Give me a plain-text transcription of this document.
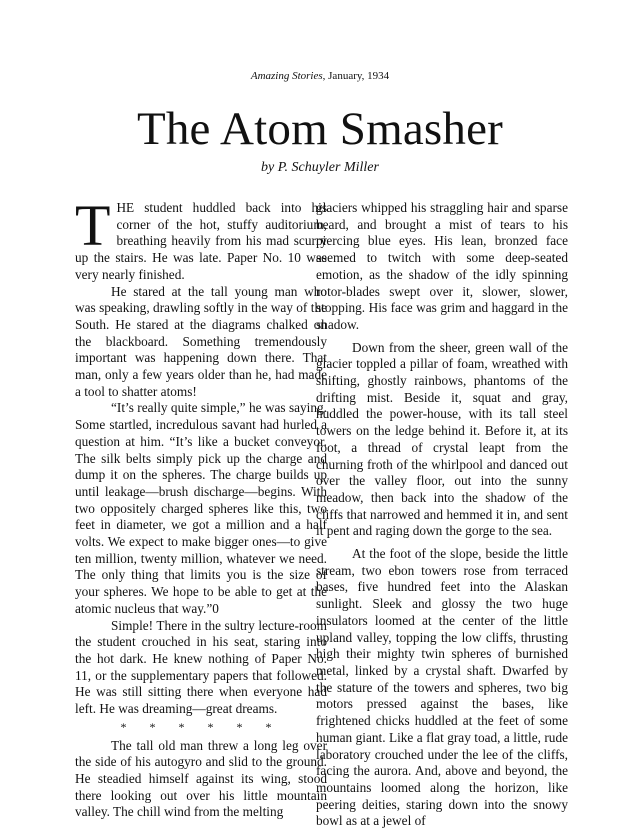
Amazing Stories, January, 1934
The Atom Smasher
by P. Schuyler Miller

THE student huddled back into his corner of the hot, stuffy auditorium, breathing heavily from his mad scurry up the stairs. He was late. Paper No. 10 was very nearly finished.

He stared at the tall young man who was speaking, drawling softly in the way of the South. He stared at the diagrams chalked on the blackboard. Something tremendously important was happening down there. That man, only a few years older than he, had made a tool to shatter atoms!

“It’s really quite simple,” he was saying. Some startled, incredulous savant had hurled a question at him. “It’s like a bucket conveyor. The silk belts simply pick up the charge and dump it on the spheres. The charge builds up until leakage—brush discharge—begins. With two oppositely charged spheres like this, two feet in diameter, we got a million and a half volts. We expect to make bigger ones—to give ten million, twenty million, whatever we need. The only thing that limits you is the size of your spheres. We hope to be able to get at the atomic nucleus that way.”0

Simple! There in the sultry lecture-room the student crouched in his seat, staring into the hot dark. He knew nothing of Paper No. 11, or the supplementary papers that followed. He was still sitting there when everyone had left. He was dreaming—great dreams.

* * * * * *

The tall old man threw a long leg over the side of his autogyro and slid to the ground. He steadied himself against its wing, stood there looking out over his little mountain valley. The chill wind from the melting

glaciers whipped his straggling hair and sparse beard, and brought a mist of tears to his piercing blue eyes. His lean, bronzed face seemed to twitch with some deep-seated emotion, as the shadow of the idly spinning rotor-blades swept over it, slower, slower, stopping. His face was grim and haggard in the shadow.

Down from the sheer, green wall of the glacier toppled a pillar of foam, wreathed with shifting, ghostly rainbows, phantoms of the drifting mist. Beside it, squat and gray, huddled the power-house, with its tall steel towers on the ledge behind it. Before it, at its foot, a thread of crystal leapt from the churning froth of the whirlpool and danced out over the valley floor, out into the sunny meadow, then back into the shadow of the cliffs that narrowed and hemmed it in, and sent it pent and raging down the gorge to the sea.

At the foot of the slope, beside the little stream, two ebon towers rose from terraced bases, five hundred feet into the Alaskan sunlight. Sleek and glossy the two huge insulators loomed at the center of the little upland valley, topping the low cliffs, thrusting high their mighty twin spheres of burnished metal, linked by a crystal shaft. Dwarfed by the stature of the towers and spheres, two big motors pressed against the bases, like frightened chicks huddled at the feet of some human giant. Like a flat gray toad, a little, rude laboratory crouched under the lee of the cliffs, facing the aurora. And, above and beyond, the mountains loomed along the horizon, like peering deities, staring down into the snowy bowl as at a jewel of
